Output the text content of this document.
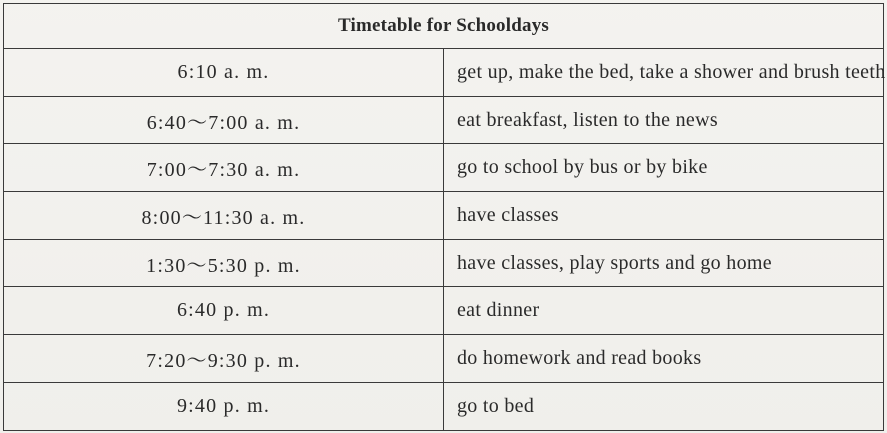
Timetable for Schooldays	
6:10 a. m.	get up, make the bed, take a shower and brush teeth
6:40～7:00 a. m.	eat breakfast, listen to the news
7:00～7:30 a. m.	go to school by bus or by bike
8:00～11:30 a. m.	have classes
1:30～5:30 p. m.	have classes, play sports and go home
6:40 p. m.	eat dinner
7:20～9:30 p. m.	do homework and read books
9:40 p. m.	go to bed
